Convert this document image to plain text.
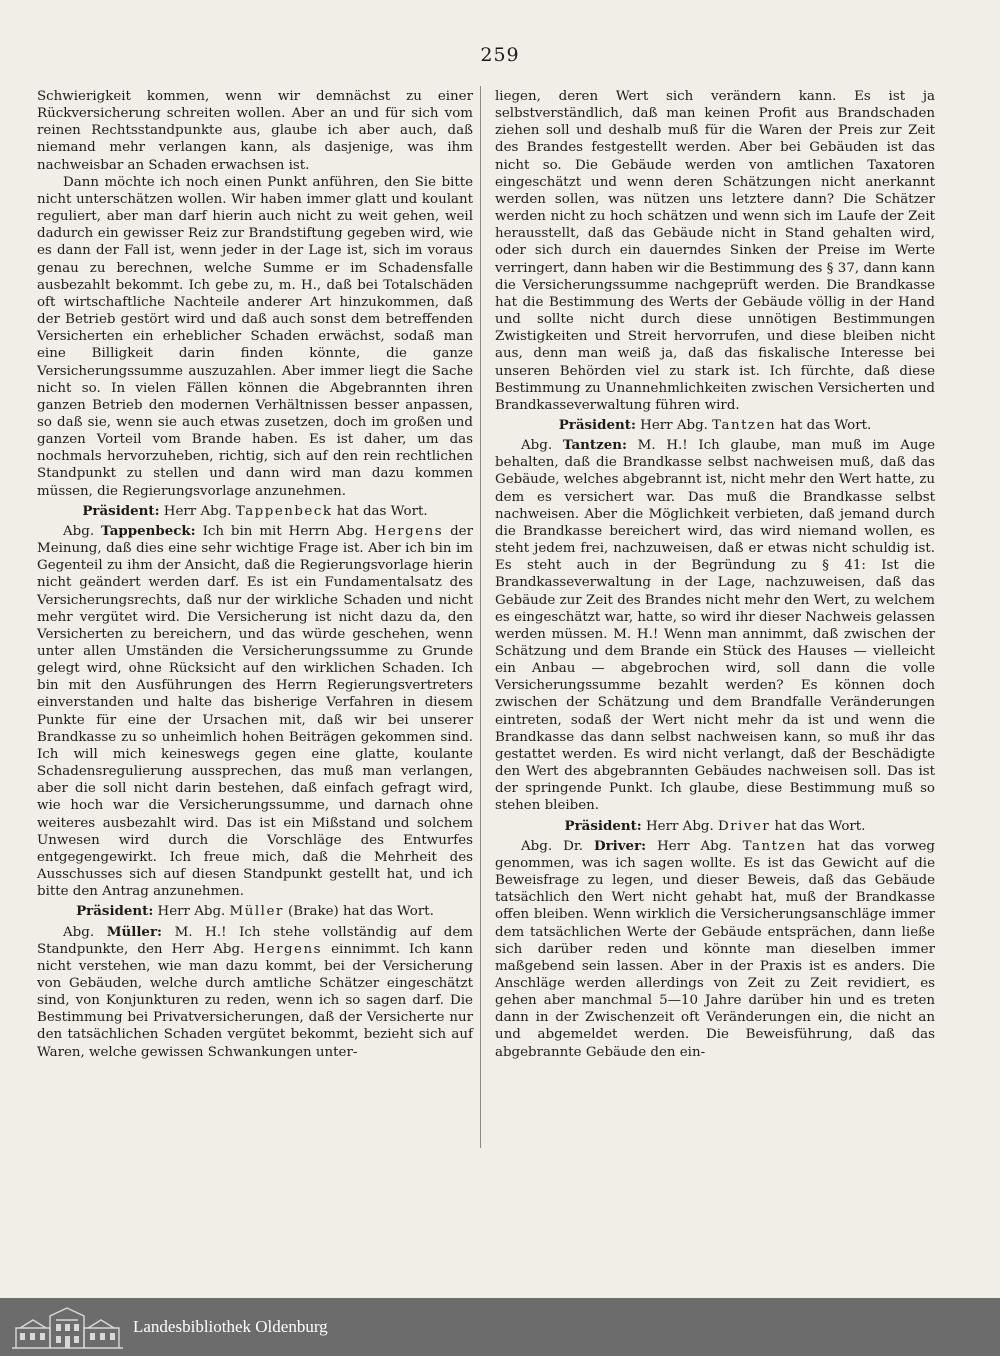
259

Schwierigkeit kommen, wenn wir demnächst zu einer Rückversicherung schreiten wollen. Aber an und für sich vom reinen Rechtsstandpunkte aus, glaube ich aber auch, daß niemand mehr verlangen kann, als dasjenige, was ihm nachweisbar an Schaden erwachsen ist.

Dann möchte ich noch einen Punkt anführen, den Sie bitte nicht unterschätzen wollen. Wir haben immer glatt und koulant reguliert, aber man darf hierin auch nicht zu weit gehen, weil dadurch ein gewisser Reiz zur Brandstiftung gegeben wird, wie es dann der Fall ist, wenn jeder in der Lage ist, sich im voraus genau zu berechnen, welche Summe er im Schadensfalle ausbezahlt bekommt. Ich gebe zu, m. H., daß bei Totalschäden oft wirtschaftliche Nachteile anderer Art hinzukommen, daß der Betrieb gestört wird und daß auch sonst dem betreffenden Versicherten ein erheblicher Schaden erwächst, sodaß man eine Billigkeit darin finden könnte, die ganze Versicherungssumme auszuzahlen. Aber immer liegt die Sache nicht so. In vielen Fällen können die Abgebrannten ihren ganzen Betrieb den modernen Verhältnissen besser anpassen, so daß sie, wenn sie auch etwas zusetzen, doch im großen und ganzen Vorteil vom Brande haben. Es ist daher, um das nochmals hervorzuheben, richtig, sich auf den rein rechtlichen Standpunkt zu stellen und dann wird man dazu kommen müssen, die Regierungsvorlage anzunehmen.

Präsident: Herr Abg. Tappenbeck hat das Wort.

Abg. Tappenbeck: Ich bin mit Herrn Abg. Hergens der Meinung, daß dies eine sehr wichtige Frage ist. Aber ich bin im Gegenteil zu ihm der Ansicht, daß die Regierungsvorlage hierin nicht geändert werden darf. Es ist ein Fundamentalsatz des Versicherungsrechts, daß nur der wirkliche Schaden und nicht mehr vergütet wird. Die Versicherung ist nicht dazu da, den Versicherten zu bereichern, und das würde geschehen, wenn unter allen Umständen die Versicherungssumme zu Grunde gelegt wird, ohne Rücksicht auf den wirklichen Schaden. Ich bin mit den Ausführungen des Herrn Regierungsvertreters einverstanden und halte das bisherige Verfahren in diesem Punkte für eine der Ursachen mit, daß wir bei unserer Brandkasse zu so unheimlich hohen Beiträgen gekommen sind. Ich will mich keineswegs gegen eine glatte, koulante Schadensregulierung aussprechen, das muß man verlangen, aber die soll nicht darin bestehen, daß einfach gefragt wird, wie hoch war die Versicherungssumme, und darnach ohne weiteres ausbezahlt wird. Das ist ein Mißstand und solchem Unwesen wird durch die Vorschläge des Entwurfes entgegengewirkt. Ich freue mich, daß die Mehrheit des Ausschusses sich auf diesen Standpunkt gestellt hat, und ich bitte den Antrag anzunehmen.

Präsident: Herr Abg. Müller (Brake) hat das Wort.

Abg. Müller: M. H.! Ich stehe vollständig auf dem Standpunkte, den Herr Abg. Hergens einnimmt. Ich kann nicht verstehen, wie man dazu kommt, bei der Versicherung von Gebäuden, welche durch amtliche Schätzer eingeschätzt sind, von Konjunkturen zu reden, wenn ich so sagen darf. Die Bestimmung bei Privatversicherungen, daß der Versicherte nur den tatsächlichen Schaden vergütet bekommt, bezieht sich auf Waren, welche gewissen Schwankungen unter-

liegen, deren Wert sich verändern kann. Es ist ja selbstverständlich, daß man keinen Profit aus Brandschaden ziehen soll und deshalb muß für die Waren der Preis zur Zeit des Brandes festgestellt werden. Aber bei Gebäuden ist das nicht so. Die Gebäude werden von amtlichen Taxatoren eingeschätzt und wenn deren Schätzungen nicht anerkannt werden sollen, was nützen uns letztere dann? Die Schätzer werden nicht zu hoch schätzen und wenn sich im Laufe der Zeit herausstellt, daß das Gebäude nicht in Stand gehalten wird, oder sich durch ein dauerndes Sinken der Preise im Werte verringert, dann haben wir die Bestimmung des § 37, dann kann die Versicherungssumme nachgeprüft werden. Die Brandkasse hat die Bestimmung des Werts der Gebäude völlig in der Hand und sollte nicht durch diese unnötigen Bestimmungen Zwistigkeiten und Streit hervorrufen, und diese bleiben nicht aus, denn man weiß ja, daß das fiskalische Interesse bei unseren Behörden viel zu stark ist. Ich fürchte, daß diese Bestimmung zu Unannehmlichkeiten zwischen Versicherten und Brandkasseverwaltung führen wird.

Präsident: Herr Abg. Tantzen hat das Wort.

Abg. Tantzen: M. H.! Ich glaube, man muß im Auge behalten, daß die Brandkasse selbst nachweisen muß, daß das Gebäude, welches abgebrannt ist, nicht mehr den Wert hatte, zu dem es versichert war. Das muß die Brandkasse selbst nachweisen. Aber die Möglichkeit verbieten, daß jemand durch die Brandkasse bereichert wird, das wird niemand wollen, es steht jedem frei, nachzuweisen, daß er etwas nicht schuldig ist. Es steht auch in der Begründung zu § 41: Ist die Brandkasseverwaltung in der Lage, nachzuweisen, daß das Gebäude zur Zeit des Brandes nicht mehr den Wert, zu welchem es eingeschätzt war, hatte, so wird ihr dieser Nachweis gelassen werden müssen. M. H.! Wenn man annimmt, daß zwischen der Schätzung und dem Brande ein Stück des Hauses — vielleicht ein Anbau — abgebrochen wird, soll dann die volle Versicherungssumme bezahlt werden? Es können doch zwischen der Schätzung und dem Brandfalle Veränderungen eintreten, sodaß der Wert nicht mehr da ist und wenn die Brandkasse das dann selbst nachweisen kann, so muß ihr das gestattet werden. Es wird nicht verlangt, daß der Beschädigte den Wert des abgebrannten Gebäudes nachweisen soll. Das ist der springende Punkt. Ich glaube, diese Bestimmung muß so stehen bleiben.

Präsident: Herr Abg. Driver hat das Wort.

Abg. Dr. Driver: Herr Abg. Tantzen hat das vorweg genommen, was ich sagen wollte. Es ist das Gewicht auf die Beweisfrage zu legen, und dieser Beweis, daß das Gebäude tatsächlich den Wert nicht gehabt hat, muß der Brandkasse offen bleiben. Wenn wirklich die Versicherungsanschläge immer dem tatsächlichen Werte der Gebäude entsprächen, dann ließe sich darüber reden und könnte man dieselben immer maßgebend sein lassen. Aber in der Praxis ist es anders. Die Anschläge werden allerdings von Zeit zu Zeit revidiert, es gehen aber manchmal 5—10 Jahre darüber hin und es treten dann in der Zwischenzeit oft Veränderungen ein, die nicht an und abgemeldet werden. Die Beweisführung, daß das abgebrannte Gebäude den ein-

Landesbibliothek Oldenburg
